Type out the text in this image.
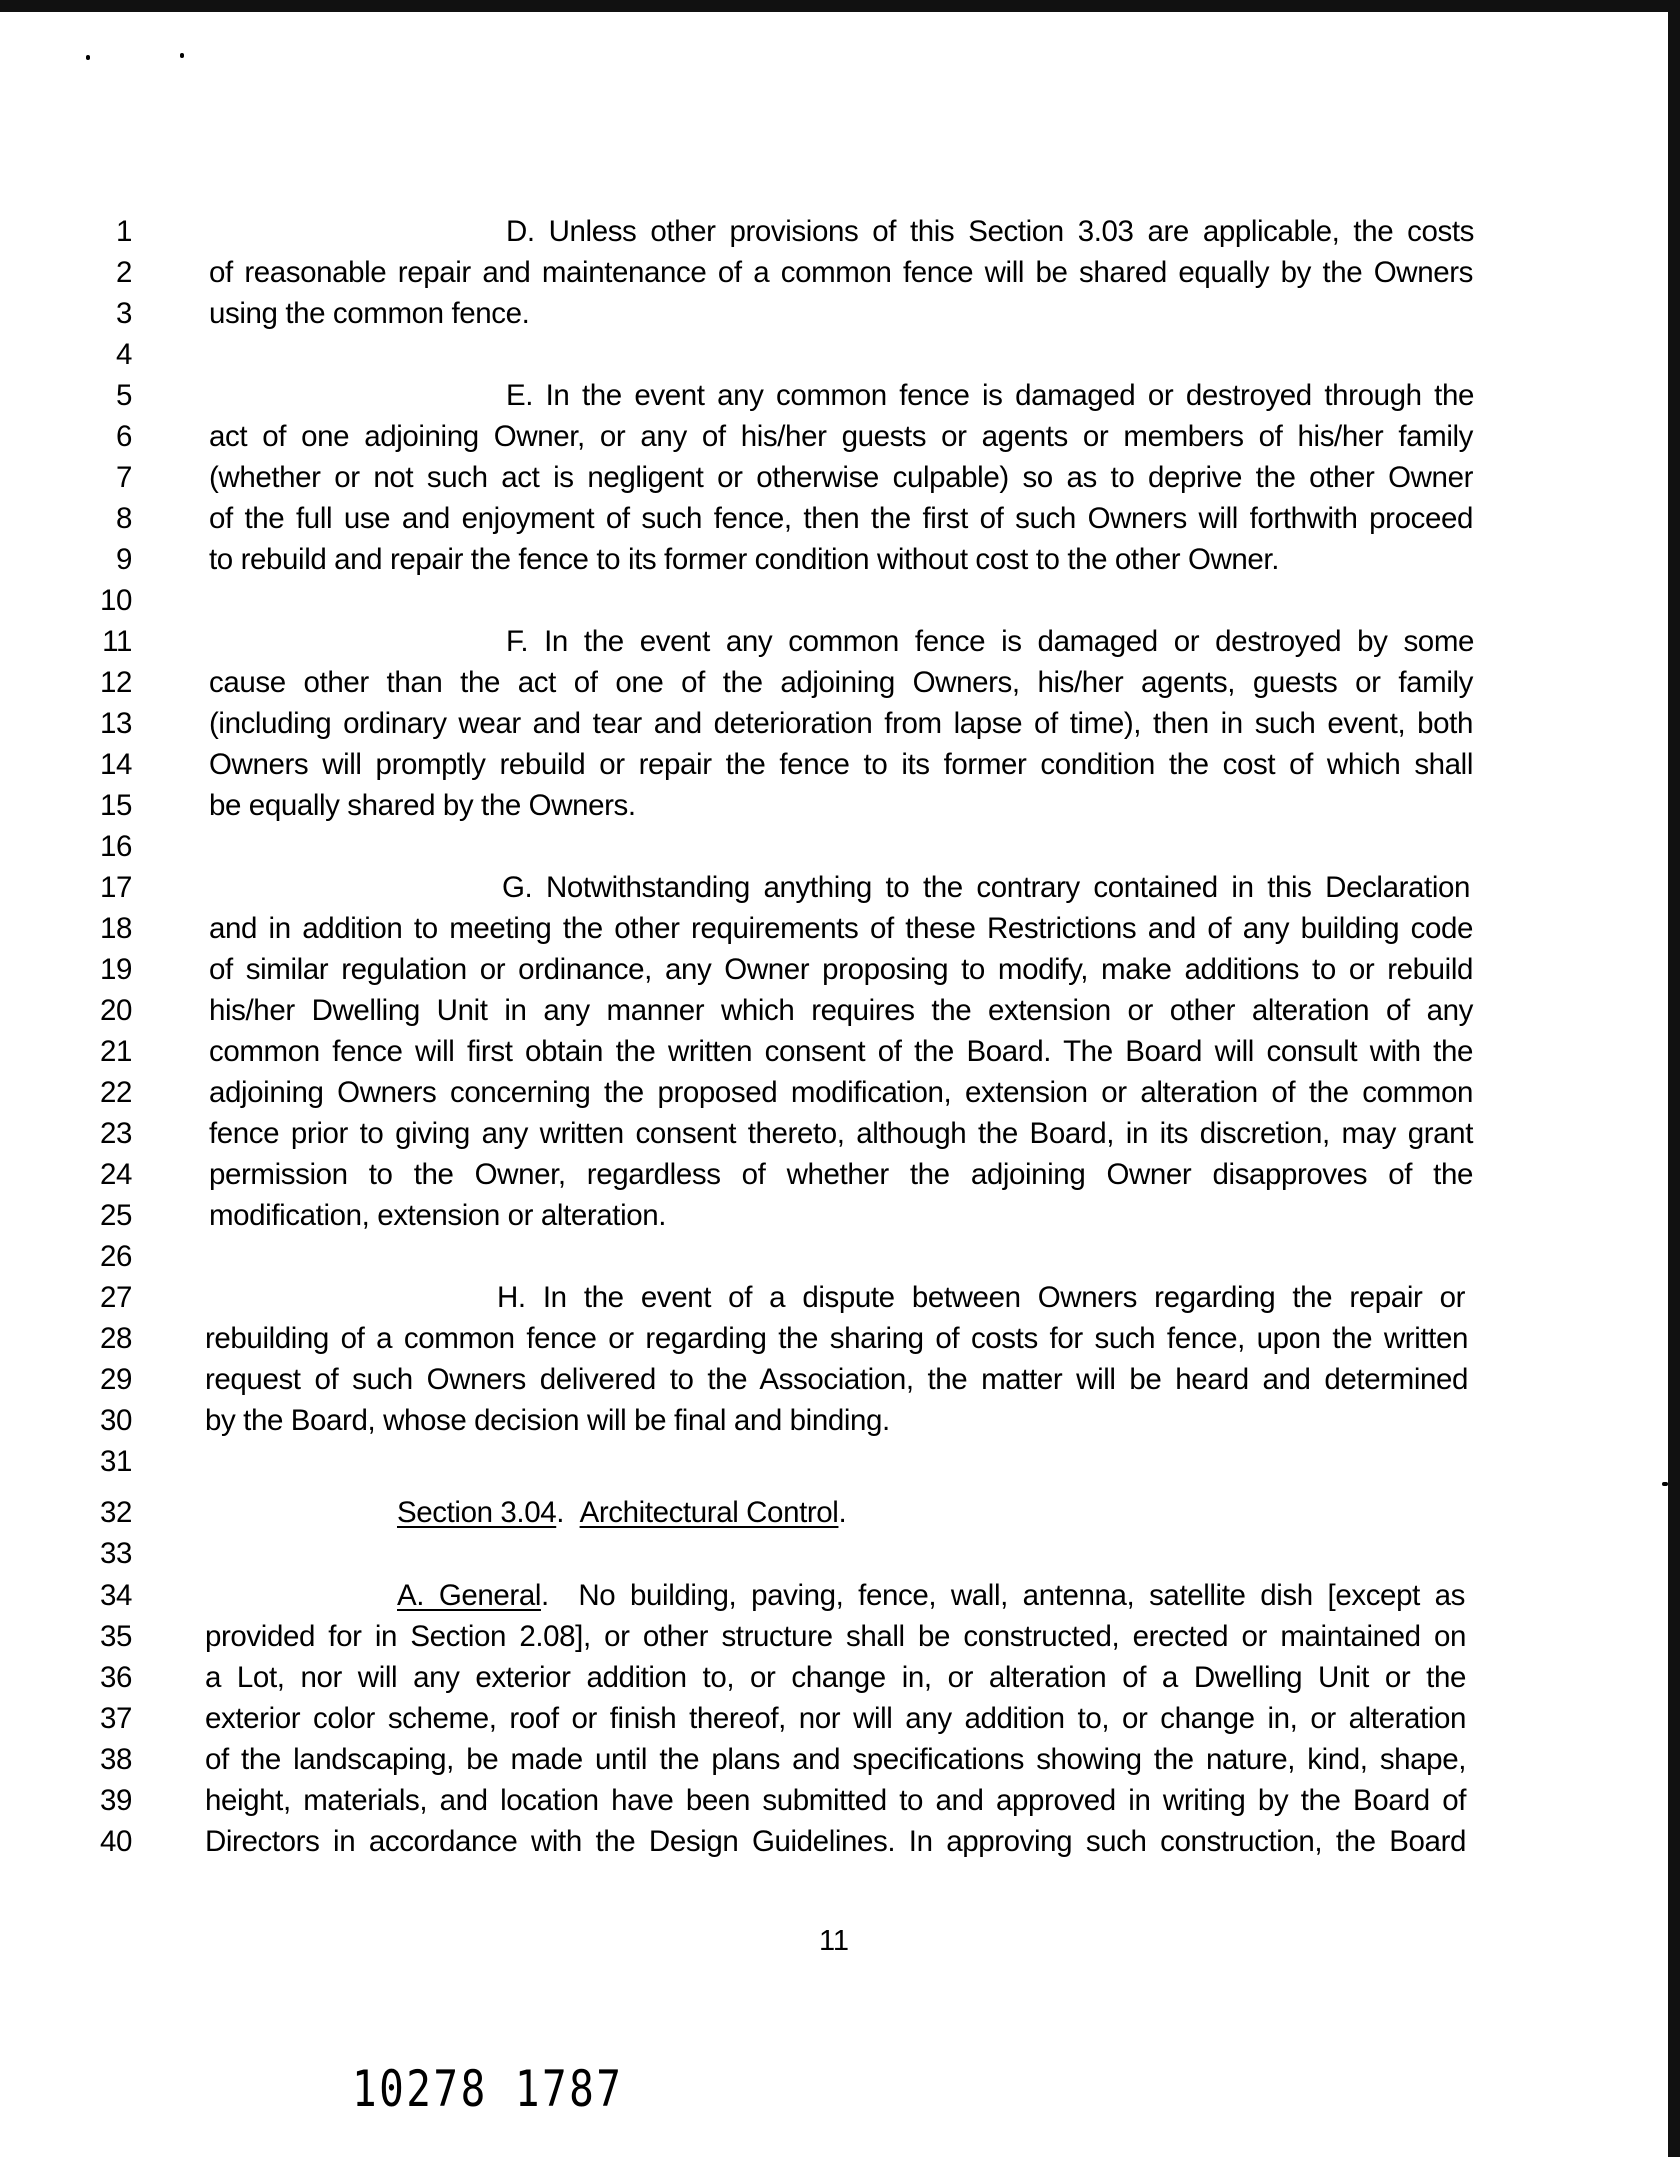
1	D. Unless other provisions of this Section 3.03 are applicable, the costs
2	of reasonable repair and maintenance of a common fence will be shared equally by the Owners
3	using the common fence.
4
5	E. In the event any common fence is damaged or destroyed through the
6	act of one adjoining Owner, or any of his/her guests or agents or members of his/her family
7	(whether or not such act is negligent or otherwise culpable) so as to deprive the other Owner
8	of the full use and enjoyment of such fence, then the first of such Owners will forthwith proceed
9	to rebuild and repair the fence to its former condition without cost to the other Owner.
10
11	F. In the event any common fence is damaged or destroyed by some
12	cause other than the act of one of the adjoining Owners, his/her agents, guests or family
13	(including ordinary wear and tear and deterioration from lapse of time), then in such event, both
14	Owners will promptly rebuild or repair the fence to its former condition the cost of which shall
15	be equally shared by the Owners.
16
17	G. Notwithstanding anything to the contrary contained in this Declaration
18	and in addition to meeting the other requirements of these Restrictions and of any building code
19	of similar regulation or ordinance, any Owner proposing to modify, make additions to or rebuild
20	his/her Dwelling Unit in any manner which requires the extension or other alteration of any
21	common fence will first obtain the written consent of the Board. The Board will consult with the
22	adjoining Owners concerning the proposed modification, extension or alteration of the common
23	fence prior to giving any written consent thereto, although the Board, in its discretion, may grant
24	permission to the Owner, regardless of whether the adjoining Owner disapproves of the
25	modification, extension or alteration.
26
27	H. In the event of a dispute between Owners regarding the repair or
28 rebuilding of a common fence or regarding the sharing of costs for such fence, upon the written
29 request of such Owners delivered to the Association, the matter will be heard and determined
30 by the Board, whose decision will be final and binding.
31
32	Section 3.04.  Architectural Control.
33
34	A. General.  No building, paving, fence, wall, antenna, satellite dish [except as
35 provided for in Section 2.08], or other structure shall be constructed, erected or maintained on
36 a Lot, nor will any exterior addition to, or change in, or alteration of a Dwelling Unit or the
37 exterior color scheme, roof or finish thereof, nor will any addition to, or change in, or alteration
38 of the landscaping, be made until the plans and specifications showing the nature, kind, shape,
39 height, materials, and location have been submitted to and approved in writing by the Board of
40 Directors in accordance with the Design Guidelines. In approving such construction, the Board
11
10278 1787
